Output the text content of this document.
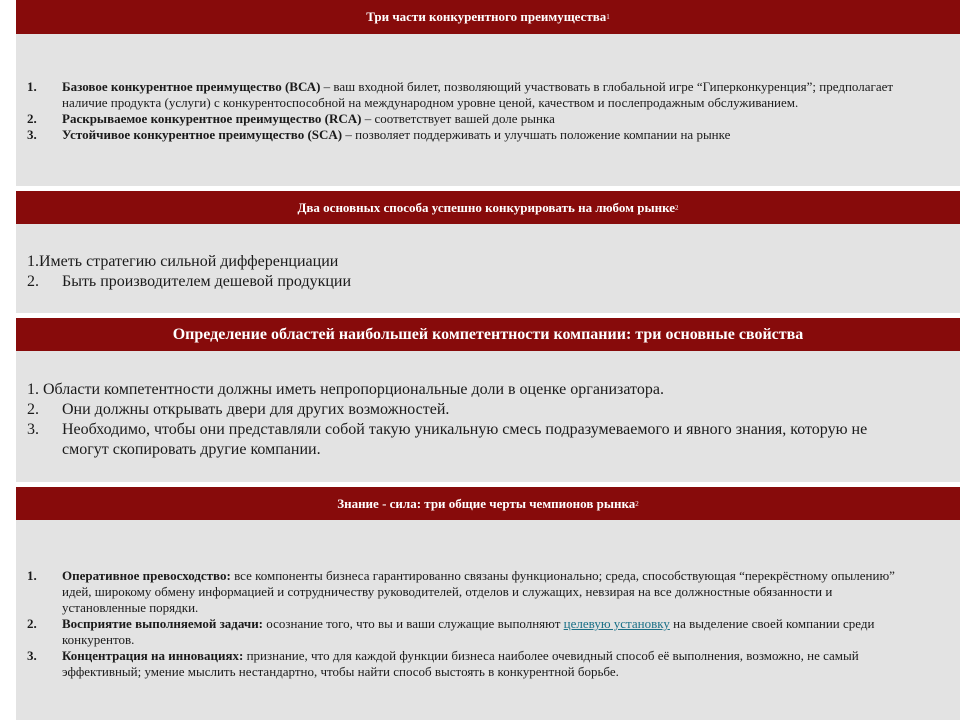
Три части конкурентного преимущества 1
1. Базовое конкурентное преимущество (ВСА) – ваш входной билет, позволяющий участвовать в глобальной игре “Гиперконкуренция”; предполагает наличие продукта (услуги) с конкурентоспособной на международном уровне ценой, качеством и послепродажным обслуживанием.
2. Раскрываемое конкурентное преимущество (RCA) – соответствует вашей доле рынка
3. Устойчивое конкурентное преимущество (SCA) – позволяет поддерживать и улучшать положение компании на рынке
Два основных способа успешно конкурировать на любом рынке 2
1.Иметь стратегию сильной дифференциации
2. Быть производителем дешевой продукции
Определение областей наибольшей компетентности компании: три основные свойства
1. Области компетентности должны иметь непропорциональные доли в оценке организатора.
2. Они должны открывать двери для других возможностей.
3. Необходимо, чтобы они представляли собой такую уникальную смесь подразумеваемого и явного знания, которую не смогут скопировать другие компании.
Знание - сила: три общие черты чемпионов рынка 2
1. Оперативное превосходство: все компоненты бизнеса гарантированно связаны функционально; среда, способствующая “перекрёстному опылению” идей, широкому обмену информацией и сотрудничеству руководителей, отделов и служащих, невзирая на все должностные обязанности и установленные порядки.
2. Восприятие выполняемой задачи: осознание того, что вы и ваши служащие выполняют целевую установку на выделение своей компании среди конкурентов.
3. Концентрация на инновациях: признание, что для каждой функции бизнеса наиболее очевидный способ её выполнения, возможно, не самый эффективный; умение мыслить нестандартно, чтобы найти способ выстоять в конкурентной борьбе.
